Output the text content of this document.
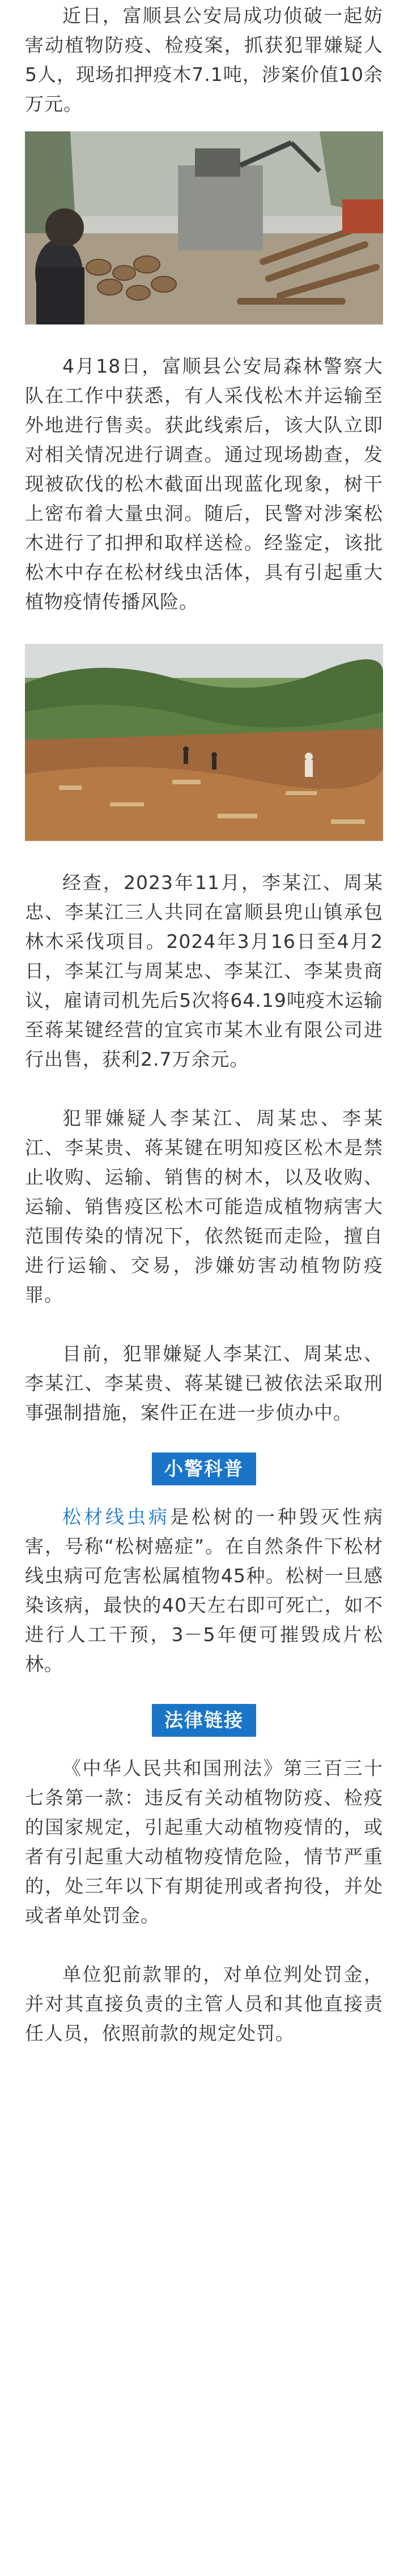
近日，富顺县公安局成功侦破一起妨害动植物防疫、检疫案，抓获犯罪嫌疑人5人，现场扣押疫木7.1吨，涉案价值10余万元。

4月18日，富顺县公安局森林警察大队在工作中获悉，有人采伐松木并运输至外地进行售卖。获此线索后，该大队立即对相关情况进行调查。通过现场勘查，发现被砍伐的松木截面出现蓝化现象，树干上密布着大量虫洞。随后，民警对涉案松木进行了扣押和取样送检。经鉴定，该批松木中存在松材线虫活体，具有引起重大植物疫情传播风险。

经查，2023年11月，李某江、周某忠、李某江三人共同在富顺县兜山镇承包林木采伐项目。2024年3月16日至4月2日，李某江与周某忠、李某江、李某贵商议，雇请司机先后5次将64.19吨疫木运输至蒋某键经营的宜宾市某木业有限公司进行出售，获利2.7万余元。

犯罪嫌疑人李某江、周某忠、李某江、李某贵、蒋某键在明知疫区松木是禁止收购、运输、销售的树木，以及收购、运输、销售疫区松木可能造成植物病害大范围传染的情况下，依然铤而走险，擅自进行运输、交易，涉嫌妨害动植物防疫罪。

目前，犯罪嫌疑人李某江、周某忠、李某江、李某贵、蒋某键已被依法采取刑事强制措施，案件正在进一步侦办中。

小警科普

松材线虫病是松树的一种毁灭性病害，号称“松树癌症”。在自然条件下松材线虫病可危害松属植物45种。松树一旦感染该病，最快的40天左右即可死亡，如不进行人工干预，3－5年便可摧毁成片松林。

法律链接

《中华人民共和国刑法》第三百三十七条第一款：违反有关动植物防疫、检疫的国家规定，引起重大动植物疫情的，或者有引起重大动植物疫情危险，情节严重的，处三年以下有期徒刑或者拘役，并处或者单处罚金。

单位犯前款罪的，对单位判处罚金，并对其直接负责的主管人员和其他直接责任人员，依照前款的规定处罚。
